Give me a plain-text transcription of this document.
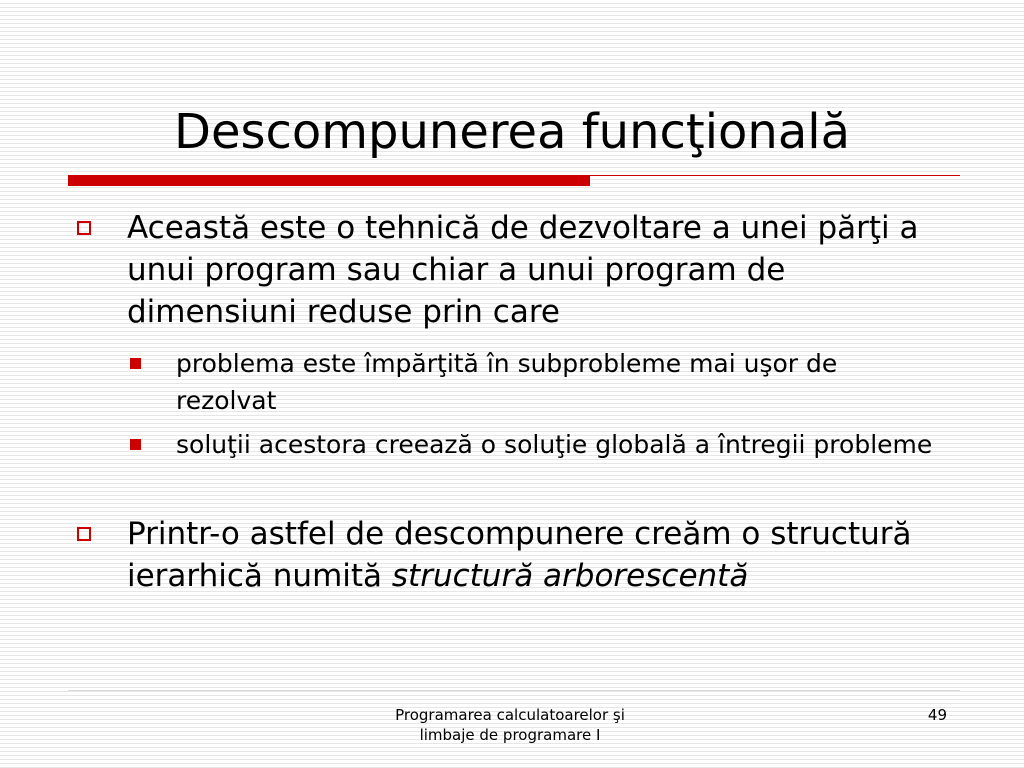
Descompunerea funcţională
Această este o tehnică de dezvoltare a unei părţi a unui program sau chiar a unui program de dimensiuni reduse prin care
problema este împărţită în subprobleme mai uşor de rezolvat
soluţii acestora creează o soluţie globală a întregii probleme
Printr-o astfel de descompunere creăm o structură ierarhică numită structură arborescentă
Programarea calculatoarelor şi
limbaje de programare I
49
